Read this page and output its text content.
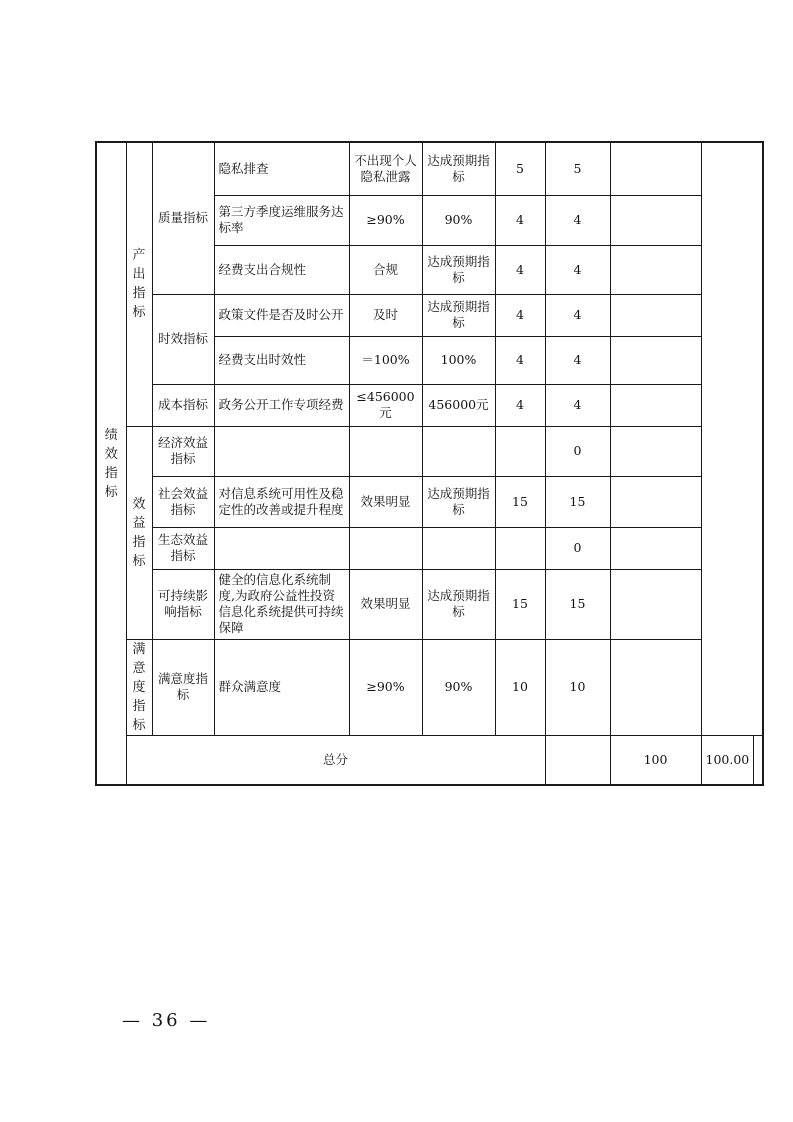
绩效指标	产出指标	质量指标	隐私排查	不出现个人隐私泄露	达成预期指标	5	5			
			第三方季度运维服务达标率	≥90%	90%	4	4			
			经费支出合规性	合规	达成预期指标	4	4			
		时效指标	政策文件是否及时公开	及时	达成预期指标	4	4			
			经费支出时效性	＝100%	100%	4	4			
		成本指标	政务公开工作专项经费	≤456000元	456000元	4	4			
	效益指标	经济效益指标					0			
		社会效益指标	对信息系统可用性及稳定性的改善或提升程度	效果明显	达成预期指标	15	15			
		生态效益指标					0			
		可持续影响指标	健全的信息化系统制度,为政府公益性投资信息化系统提供可持续保障	效果明显	达成预期指标	15	15			
	满意度指标	满意度指标	群众满意度	≥90%	90%	10	10			
	总分							100	100.00	
— 36 —
